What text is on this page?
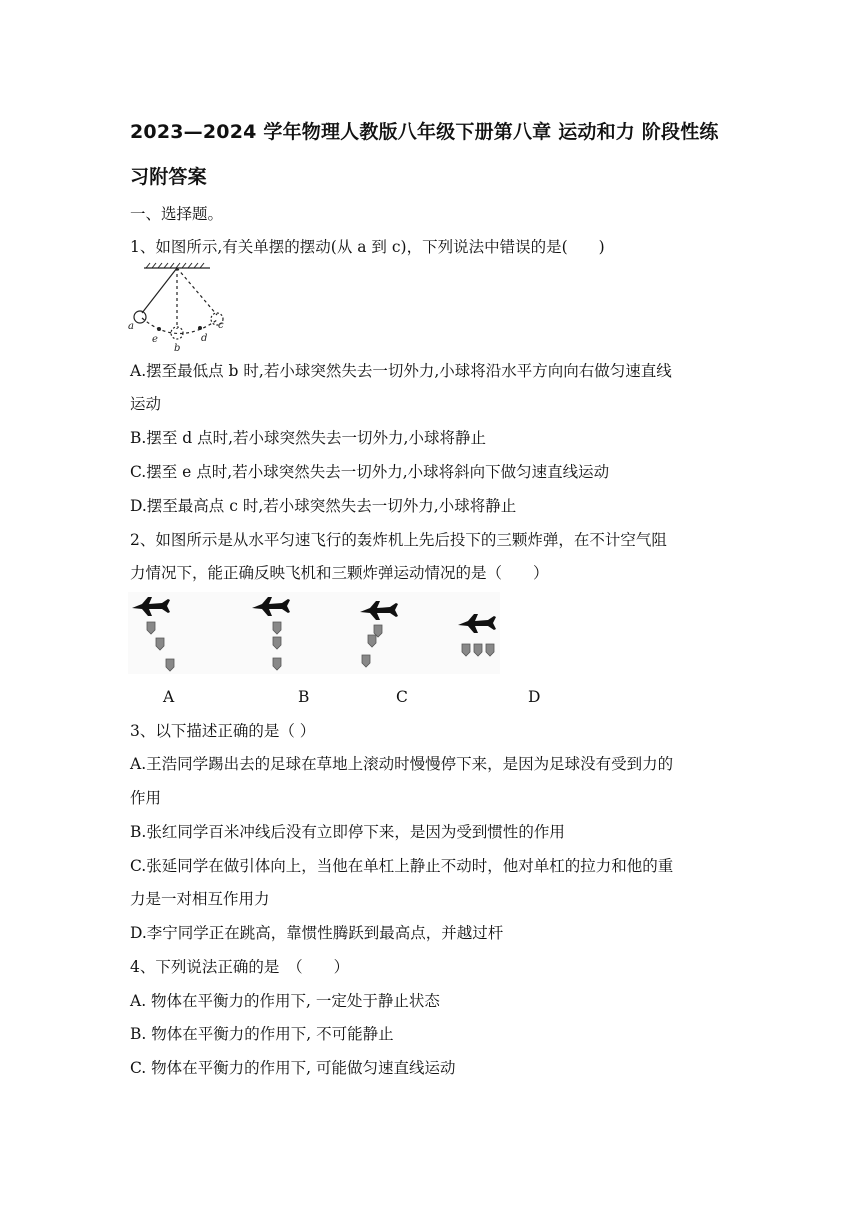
2023—2024 学年物理人教版八年级下册第八章 运动和力 阶段性练
习附答案
一、选择题。
1、如图所示,有关单摆的摆动(从 a 到 c)，下列说法中错误的是(　　)
a
e
b
d
c
A.摆至最低点 b 时,若小球突然失去一切外力,小球将沿水平方向向右做匀速直线
运动
B.摆至 d 点时,若小球突然失去一切外力,小球将静止
C.摆至 e 点时,若小球突然失去一切外力,小球将斜向下做匀速直线运动
D.摆至最高点 c 时,若小球突然失去一切外力,小球将静止
2、如图所示是从水平匀速飞行的轰炸机上先后投下的三颗炸弹，在不计空气阻
力情况下，能正确反映飞机和三颗炸弹运动情况的是（　　）
A	B	C	D
3、以下描述正确的是（ ）
A.王浩同学踢出去的足球在草地上滚动时慢慢停下来，是因为足球没有受到力的
作用
B.张红同学百米冲线后没有立即停下来，是因为受到惯性的作用
C.张延同学在做引体向上，当他在单杠上静止不动时，他对单杠的拉力和他的重
力是一对相互作用力
D.李宁同学正在跳高，靠惯性腾跃到最高点，并越过杆
4、下列说法正确的是　（　　）
A. 物体在平衡力的作用下, 一定处于静止状态
B. 物体在平衡力的作用下, 不可能静止
C. 物体在平衡力的作用下, 可能做匀速直线运动
